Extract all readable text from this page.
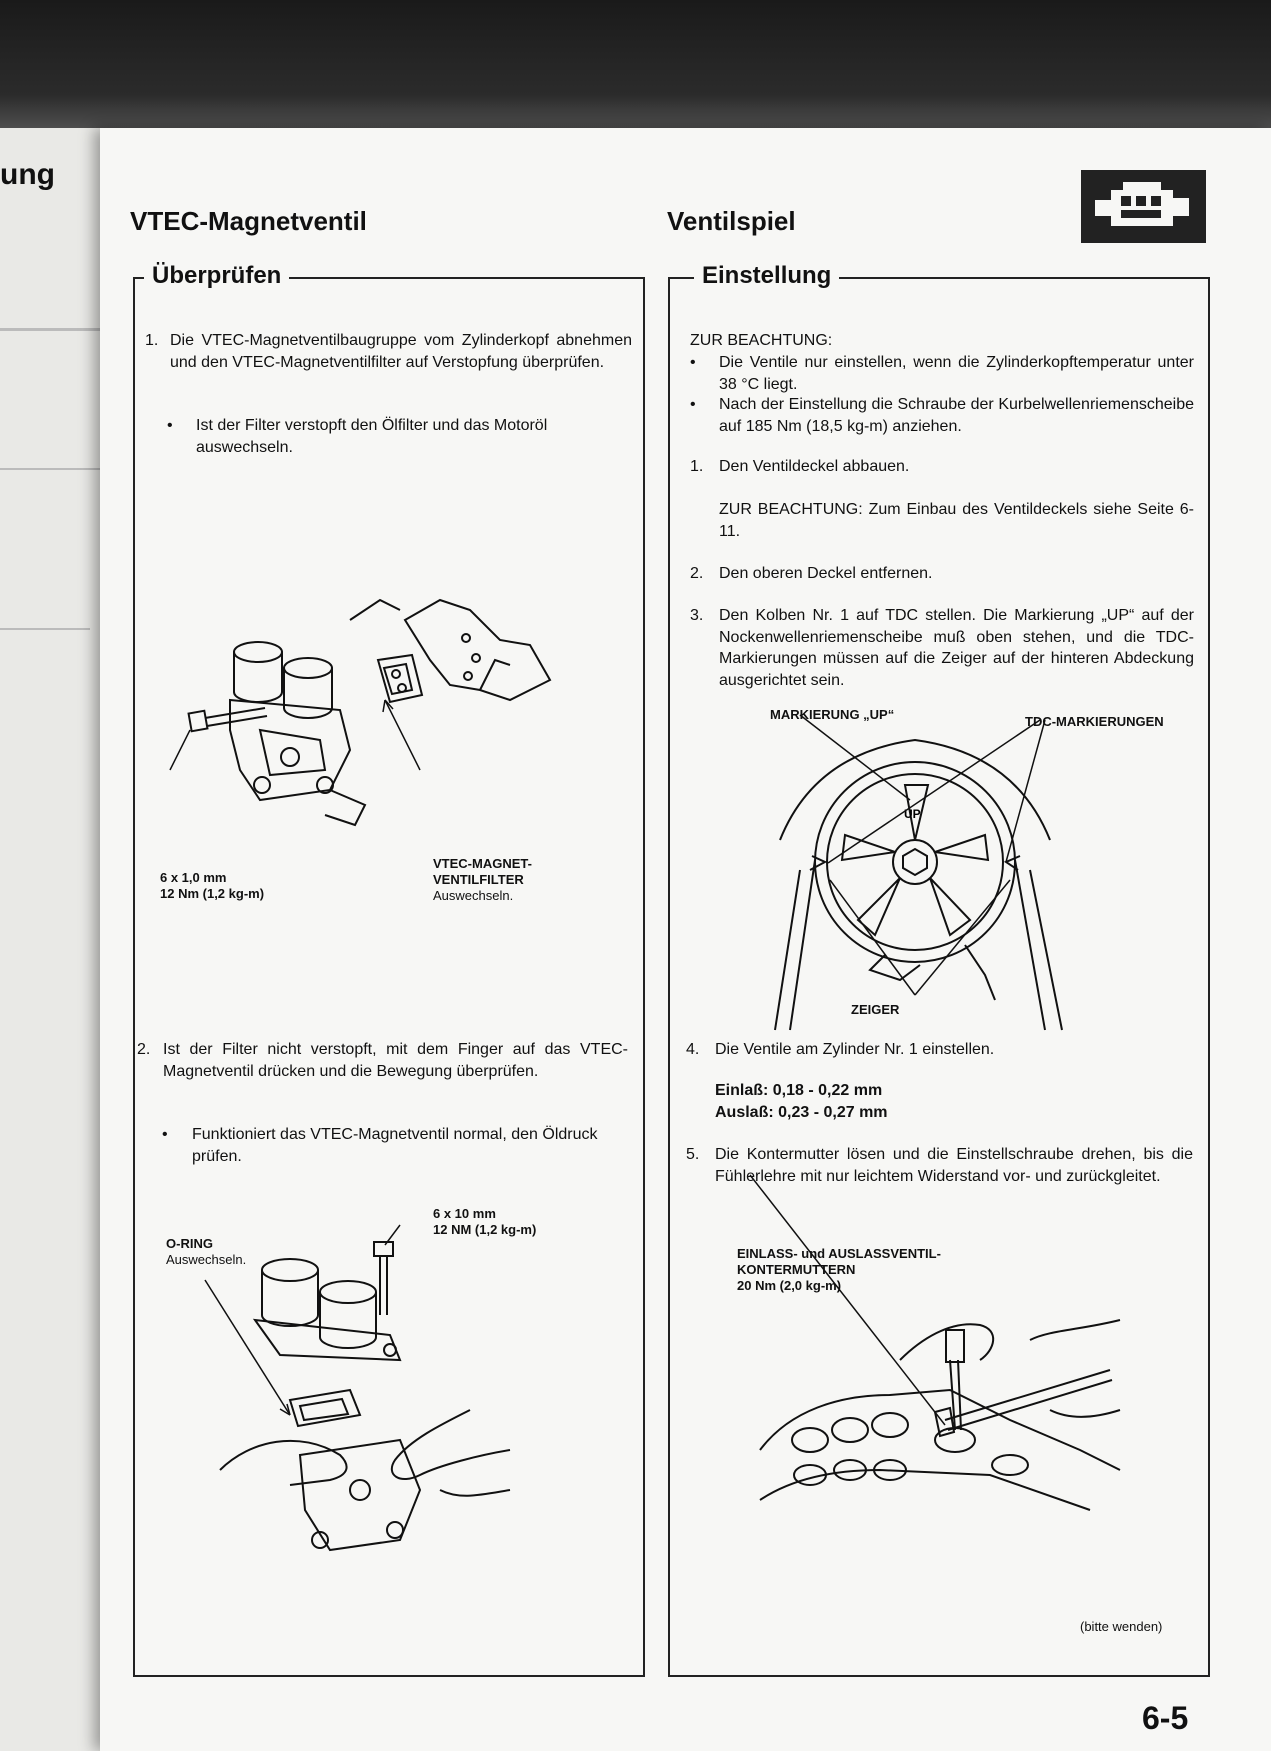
ung
VTEC-Magnetventil	Ventilspiel
Überprüfen	Einstellung
1. Die VTEC-Magnetventilbaugruppe vom Zylinderkopf abnehmen und den VTEC-Magnetventilfilter auf Verstopfung überprüfen.
• Ist der Filter verstopft den Ölfilter und das Motoröl auswechseln.
6 x 1,0 mm
12 Nm (1,2 kg-m)
VTEC-MAGNET-
VENTILFILTER
Auswechseln.
2. Ist der Filter nicht verstopft, mit dem Finger auf das VTEC-Magnetventil drücken und die Bewegung überprüfen.
• Funktioniert das VTEC-Magnetventil normal, den Öldruck prüfen.
6 x 10 mm
12 NM (1,2 kg-m)
O-RING
Auswechseln.
ZUR BEACHTUNG:
• Die Ventile nur einstellen, wenn die Zylinderkopftemperatur unter 38 °C liegt.
• Nach der Einstellung die Schraube der Kurbelwellenriemenscheibe auf 185 Nm (18,5 kg-m) anziehen.
1. Den Ventildeckel abbauen.
ZUR BEACHTUNG: Zum Einbau des Ventildeckels siehe Seite 6-11.
2. Den oberen Deckel entfernen.
3. Den Kolben Nr. 1 auf TDC stellen. Die Markierung „UP“ auf der Nockenwellenriemenscheibe muß oben stehen, und die TDC-Markierungen müssen auf die Zeiger auf der hinteren Abdeckung ausgerichtet sein.
MARKIERUNG „UP“	TDC-MARKIERUNGEN
UP
ZEIGER
4. Die Ventile am Zylinder Nr. 1 einstellen.
Einlaß: 0,18 - 0,22 mm
Auslaß: 0,23 - 0,27 mm
5. Die Kontermutter lösen und die Einstellschraube drehen, bis die Fühlerlehre mit nur leichtem Widerstand vor- und zurückgleitet.
EINLASS- und AUSLASSVENTIL-
KONTERMUTTERN
20 Nm (2,0 kg-m)
(bitte wenden)
6-5
